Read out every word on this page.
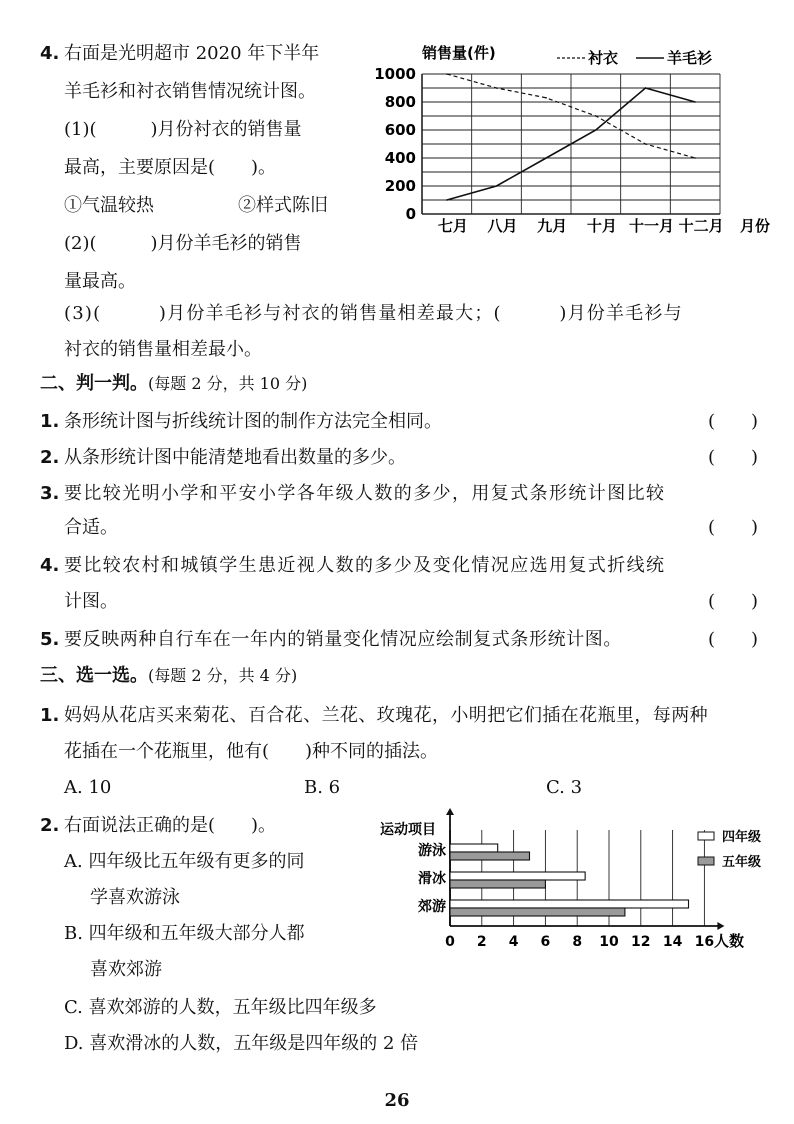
4. 右面是光明超市 2020 年下半年
羊毛衫和衬衣销售情况统计图。
(1)(　　　)月份衬衣的销售量
最高，主要原因是(　　)。
①气温较热	②样式陈旧
(2)(　　　)月份羊毛衫的销售
量最高。
(3)(　　　)月份羊毛衫与衬衣的销售量相差最大；(　　　)月份羊毛衫与
衬衣的销售量相差最小。
0
200
400
600
800
1000
七月 八月 九月 十月 十一月 十二月
销售量(件)
月份
衬衣	羊毛衫
二、判一判。 (每题 2 分，共 10 分)
1. 条形统计图与折线统计图的制作方法完全相同。	(　　)
2. 从条形统计图中能清楚地看出数量的多少。	(　　)
3. 要比较光明小学和平安小学各年级人数的多少，用复式条形统计图比较
合适。	(　　)
4. 要比较农村和城镇学生患近视人数的多少及变化情况应选用复式折线统
计图。	(　　)
5. 要反映两种自行车在一年内的销量变化情况应绘制复式条形统计图。	(　　)
三、选一选。 (每题 2 分，共 4 分)
1. 妈妈从花店买来菊花、百合花、兰花、玫瑰花，小明把它们插在花瓶里，每两种
花插在一个花瓶里，他有(　　)种不同的插法。
A. 10	B. 6	C. 3
2. 右面说法正确的是(　　)。
A. 四年级比五年级有更多的同
学喜欢游泳
B. 四年级和五年级大部分人都
喜欢郊游
C. 喜欢郊游的人数，五年级比四年级多
D. 喜欢滑冰的人数，五年级是四年级的 2 倍
0 2 4 6 8 10 12 14 16
游泳
滑冰
郊游
运动项目
人数
四年级
五年级
26
